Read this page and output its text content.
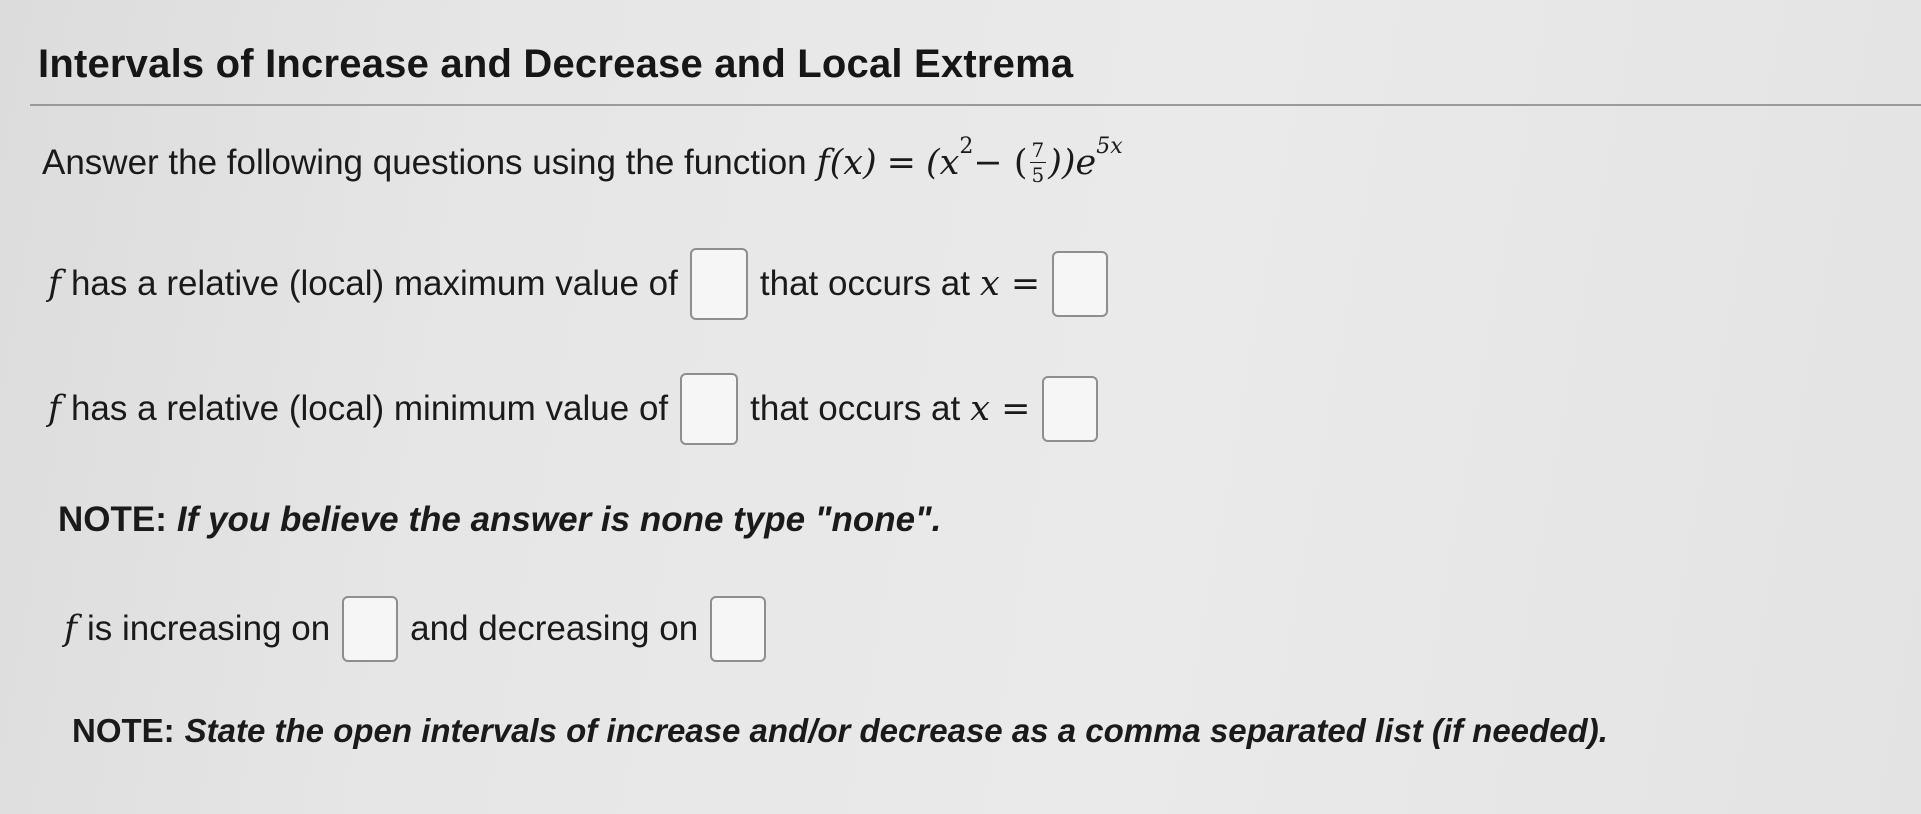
Intervals of Increase and Decrease and Local Extrema
Answer the following questions using the function f(x) = (x 2 − ( $\frac{7}{5} ))e$ 5x
f has a relative (local) maximum value of that occurs at x =
f has a relative (local) minimum value of that occurs at x =
NOTE: If you believe the answer is none type "none".
f is increasing on and decreasing on
NOTE: State the open intervals of increase and/or decrease as a comma separated list (if needed).
